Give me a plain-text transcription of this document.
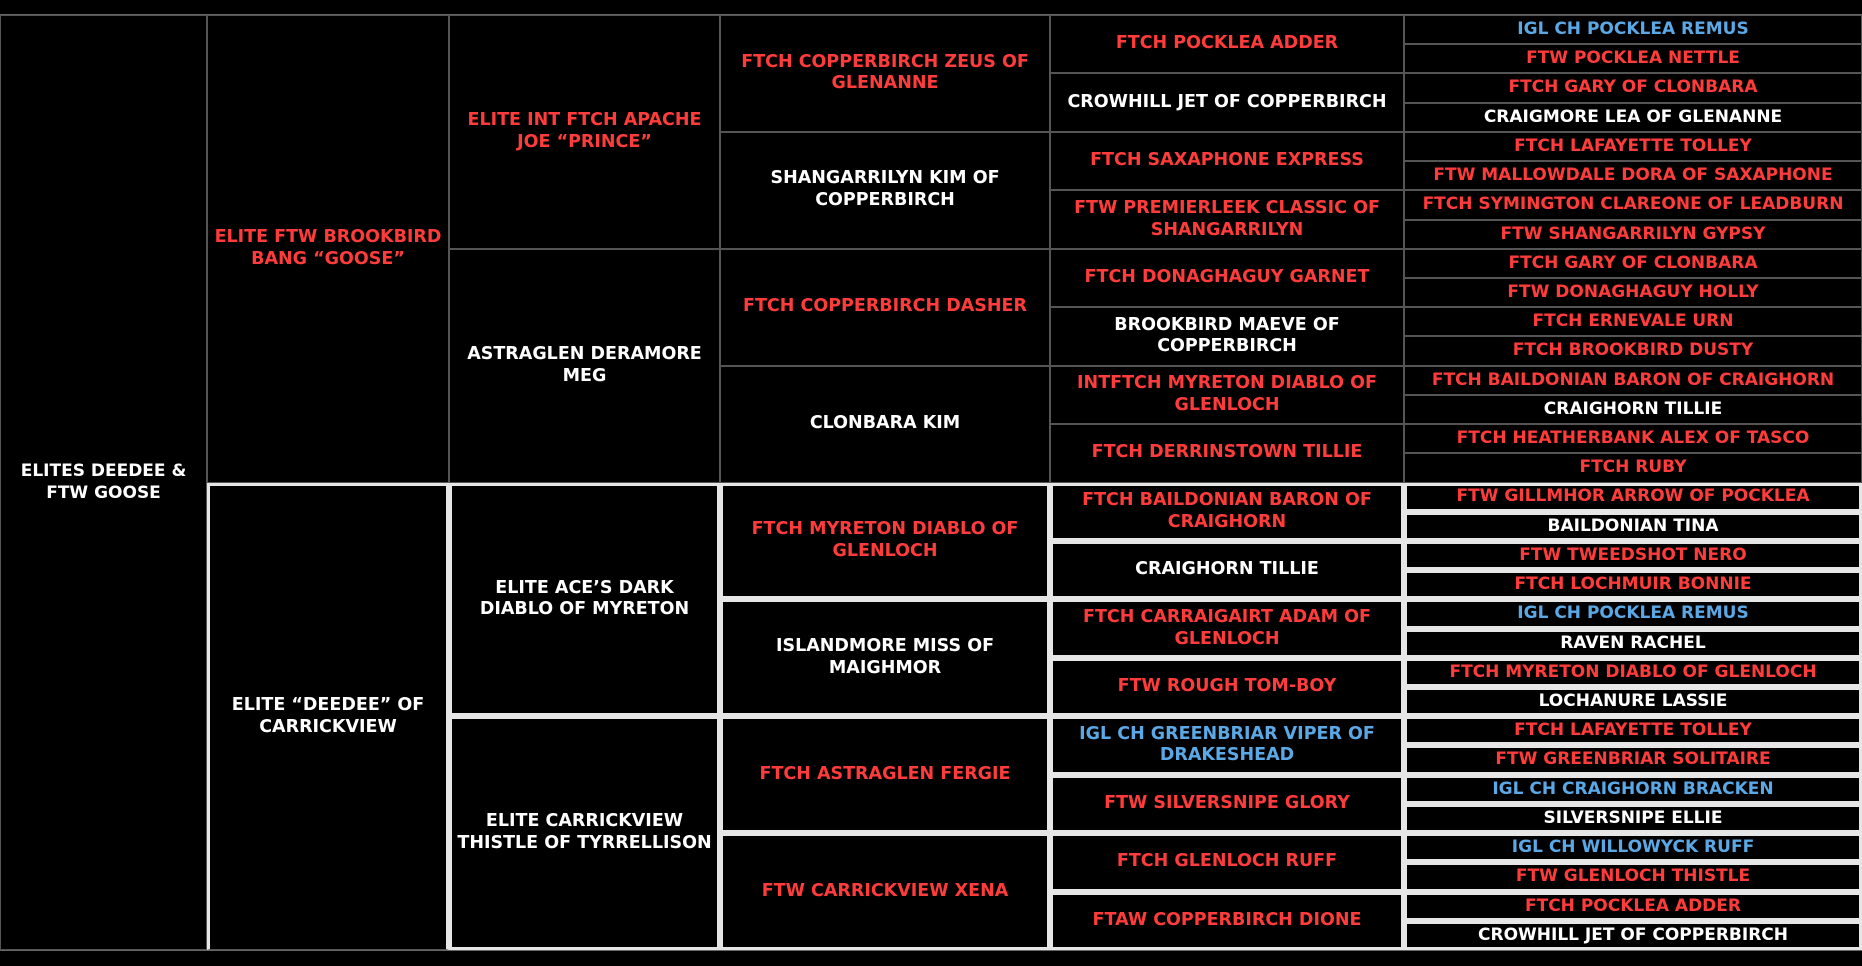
ELITES DEEDEE & FTW GOOSE
ELITE FTW BROOKBIRD BANG “GOOSE”
ELITE “DEEDEE” OF CARRICKVIEW
ELITE INT FTCH APACHE JOE “PRINCE”
ASTRAGLEN DERAMORE MEG
ELITE ACE’S DARK DIABLO OF MYRETON
ELITE CARRICKVIEW THISTLE OF TYRRELLISON
FTCH COPPERBIRCH ZEUS OF GLENANNE
SHANGARRILYN KIM OF COPPERBIRCH
FTCH COPPERBIRCH DASHER
CLONBARA KIM
FTCH MYRETON DIABLO OF GLENLOCH
ISLANDMORE MISS OF MAIGHMOR
FTCH ASTRAGLEN FERGIE
FTW CARRICKVIEW XENA
FTCH POCKLEA ADDER
CROWHILL JET OF COPPERBIRCH
FTCH SAXAPHONE EXPRESS
FTW PREMIERLEEK CLASSIC OF SHANGARRILYN
FTCH DONAGHAGUY GARNET
BROOKBIRD MAEVE OF COPPERBIRCH
INTFTCH MYRETON DIABLO OF GLENLOCH
FTCH DERRINSTOWN TILLIE
FTCH BAILDONIAN BARON OF CRAIGHORN
CRAIGHORN TILLIE
FTCH CARRAIGAIRT ADAM OF GLENLOCH
FTW ROUGH TOM-BOY
IGL CH GREENBRIAR VIPER OF DRAKESHEAD
FTW SILVERSNIPE GLORY
FTCH GLENLOCH RUFF
FTAW COPPERBIRCH DIONE
IGL CH POCKLEA REMUS
FTW POCKLEA NETTLE
FTCH GARY OF CLONBARA
CRAIGMORE LEA OF GLENANNE
FTCH LAFAYETTE TOLLEY
FTW MALLOWDALE DORA OF SAXAPHONE
FTCH SYMINGTON CLAREONE OF LEADBURN
FTW SHANGARRILYN GYPSY
FTCH GARY OF CLONBARA
FTW DONAGHAGUY HOLLY
FTCH ERNEVALE URN
FTCH BROOKBIRD DUSTY
FTCH BAILDONIAN BARON OF CRAIGHORN
CRAIGHORN TILLIE
FTCH HEATHERBANK ALEX OF TASCO
FTCH RUBY
FTW GILLMHOR ARROW OF POCKLEA
BAILDONIAN TINA
FTW TWEEDSHOT NERO
FTCH LOCHMUIR BONNIE
IGL CH POCKLEA REMUS
RAVEN RACHEL
FTCH MYRETON DIABLO OF GLENLOCH
LOCHANURE LASSIE
FTCH LAFAYETTE TOLLEY
FTW GREENBRIAR SOLITAIRE
IGL CH CRAIGHORN BRACKEN
SILVERSNIPE ELLIE
IGL CH WILLOWYCK RUFF
FTW GLENLOCH THISTLE
FTCH POCKLEA ADDER
CROWHILL JET OF COPPERBIRCH
